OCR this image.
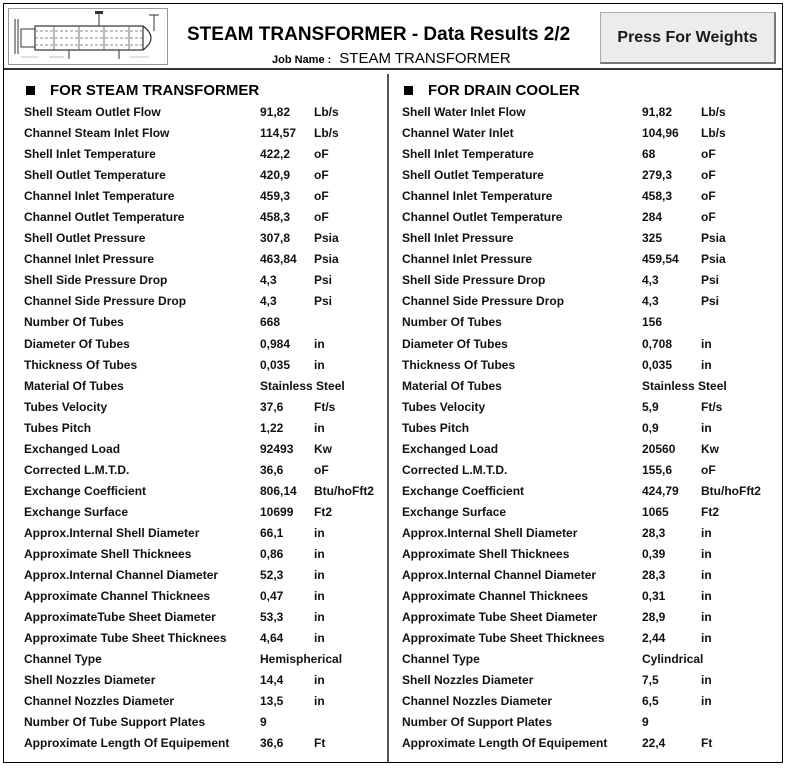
STEAM TRANSFORMER - Data Results 2/2
Job Name : STEAM TRANSFORMER
Press For Weights
FOR STEAM TRANSFORMER
Shell Steam Outlet Flow	91,82 Lb/s
Channel Steam Inlet Flow	114,57 Lb/s
Shell Inlet Temperature	422,2 oF
Shell Outlet Temperature	420,9 oF
Channel Inlet Temperature	459,3 oF
Channel Outlet Temperature	458,3 oF
Shell Outlet Pressure	307,8 Psia
Channel Inlet Pressure	463,84 Psia
Shell Side Pressure Drop	4,3	Psi
Channel Side Pressure Drop	4,3	Psi
Number Of Tubes	668
Diameter Of Tubes	0,984 in
Thickness Of Tubes	0,035 in
Material Of Tubes	Stainless Steel
Tubes Velocity	37,6	Ft/s
Tubes Pitch	1,22	in
Exchanged Load	92493 Kw
Corrected L.M.T.D.	36,6	oF
Exchange Coefficient	806,14 Btu/hoFft2
Exchange Surface	10699 Ft2
Approx.Internal Shell Diameter	66,1	in
Approximate Shell Thicknees	0,86	in
Approx.Internal Channel Diameter	52,3	in
Approximate Channel Thicknees	0,47	in
ApproximateTube Sheet Diameter	53,3	in
Approximate Tube Sheet Thicknees	4,64	in
Channel Type	Hemispherical
Shell Nozzles Diameter	14,4	in
Channel Nozzles Diameter	13,5	in
Number Of Tube Support Plates	9
Approximate Length Of Equipement	36,6	Ft
FOR DRAIN COOLER
Shell Water Inlet Flow	91,82 Lb/s
Channel Water Inlet	104,96 Lb/s
Shell Inlet Temperature	68	oF
Shell Outlet Temperature	279,3 oF
Channel Inlet Temperature	458,3 oF
Channel Outlet Temperature	284	oF
Shell Inlet Pressure	325	Psia
Channel Inlet Pressure	459,54 Psia
Shell Side Pressure Drop	4,3	Psi
Channel Side Pressure Drop	4,3	Psi
Number Of Tubes	156
Diameter Of Tubes	0,708 in
Thickness Of Tubes	0,035 in
Material Of Tubes	Stainless Steel
Tubes Velocity	5,9	Ft/s
Tubes Pitch	0,9	in
Exchanged Load	20560 Kw
Corrected L.M.T.D.	155,6 oF
Exchange Coefficient	424,79 Btu/hoFft2
Exchange Surface	1065	Ft2
Approx.Internal Shell Diameter	28,3	in
Approximate Shell Thicknees	0,39	in
Approx.Internal Channel Diameter	28,3	in
Approximate Channel Thicknees	0,31	in
Approximate Tube Sheet Diameter	28,9	in
Approximate Tube Sheet Thicknees	2,44	in
Channel Type	Cylindrical
Shell Nozzles Diameter	7,5	in
Channel Nozzles Diameter	6,5	in
Number Of Support Plates	9
Approximate Length Of Equipement	22,4	Ft
